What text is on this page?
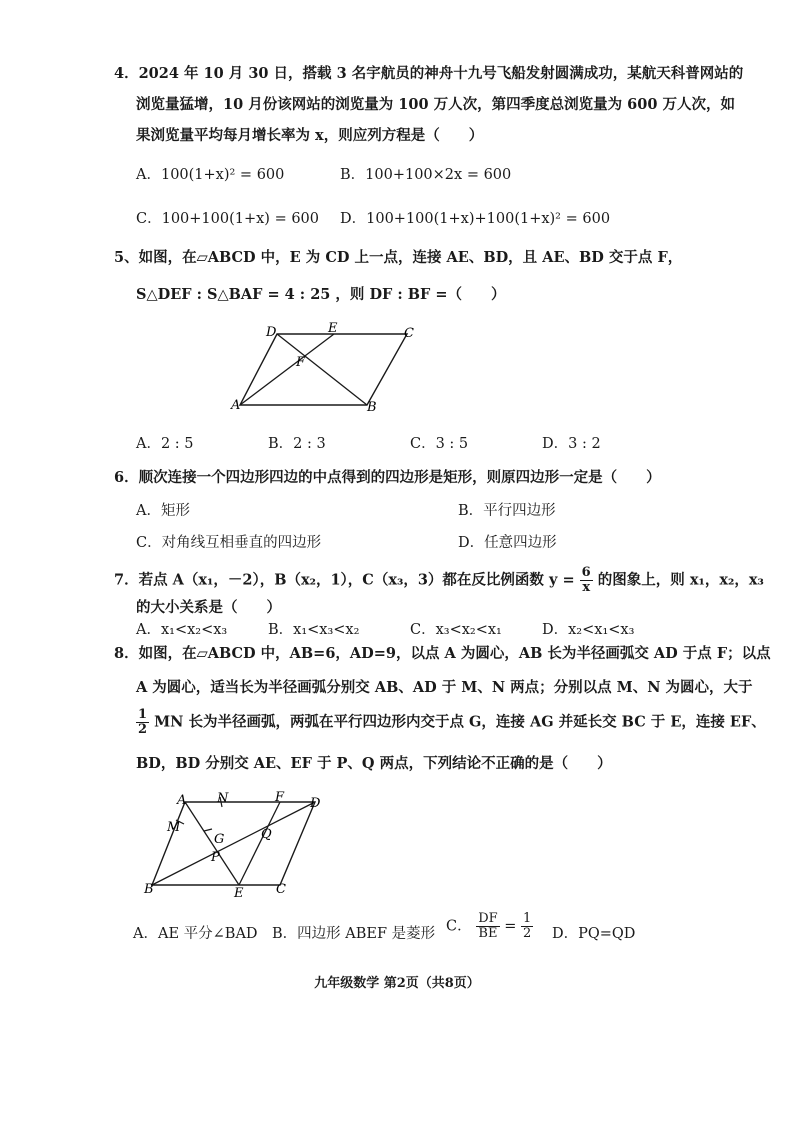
4．2024 年 10 月 30 日，搭载 3 名宇航员的神舟十九号飞船发射圆满成功，某航天科普网站的
浏览量猛增，10 月份该网站的浏览量为 100 万人次，第四季度总浏览量为 600 万人次，如
果浏览量平均每月增长率为 x，则应列方程是（　　）
A．100(1+x)² = 600	B．100+100×2x = 600
C．100+100(1+x) = 600 D．100+100(1+x)+100(1+x)² = 600
5、如图，在▱ABCD 中，E 为 CD 上一点，连接 AE、BD，且 AE、BD 交于点 F，
S△DEF : S△BAF = 4 : 25 ，则 DF : BF =（　　）
D	E	C
F
A	B
A．2 : 5	B．2 : 3	C．3 : 5	D．3 : 2
6．顺次连接一个四边形四边的中点得到的四边形是矩形，则原四边形一定是（　　）
A．矩形	B．平行四边形
C．对角线互相垂直的四边形	D．任意四边形
7．若点 A（x₁，－2），B（x₂，1），C（x₃，3）都在反比例函数 $y = \frac{6}{x}$ 的图象上，则 x₁，x₂，x₃
的大小关系是（　　）
A．x₁<x₂<x₃	B．x₁<x₃<x₂	C．x₃<x₂<x₁	D．x₂<x₁<x₃
8．如图，在▱ABCD 中，AB=6，AD=9，以点 A 为圆心，AB 长为半径画弧交 AD 于点 F；以点
A 为圆心，适当长为半径画弧分别交 AB、AD 于 M、N 两点；分别以点 M、N 为圆心，大于
$\frac{1}{2}$ MN 长为半径画弧，两弧在平行四边形内交于点 G，连接 AG 并延长交 BC 于 E，连接 EF、
BD，BD 分别交 AE、EF 于 P、Q 两点，下列结论不正确的是（　　）
A N	F D
M
G	Q
P
B	E	C
A．AE 平分∠BAD B．四边形 ABEF 是菱形 C． $\frac{DF}{BE} = \frac{1}{2}$ D．PQ=QD
九年级数学 第2页（共8页）
